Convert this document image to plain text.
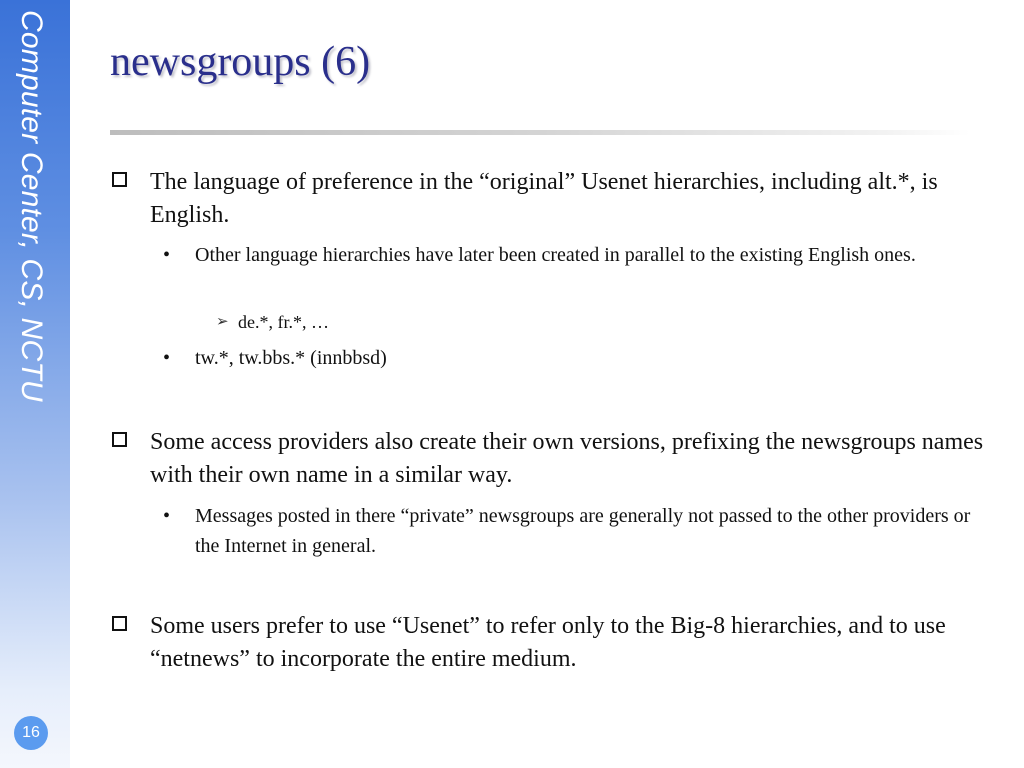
Computer Center, CS, NCTU
16
newsgroups (6)
The language of preference in the “original” Usenet hierarchies, including alt.*, is English.
• Other language hierarchies have later been created in parallel to the existing English ones.
➢ de.*, fr.*, …
• tw.*, tw.bbs.* (innbbsd)
Some access providers also create their own versions, prefixing the newsgroups names with their own name in a similar way.
• Messages posted in there “private” newsgroups are generally not passed to the other providers or the Internet in general.
Some users prefer to use “Usenet” to refer only to the Big-8 hierarchies, and to use “netnews” to incorporate the entire medium.
